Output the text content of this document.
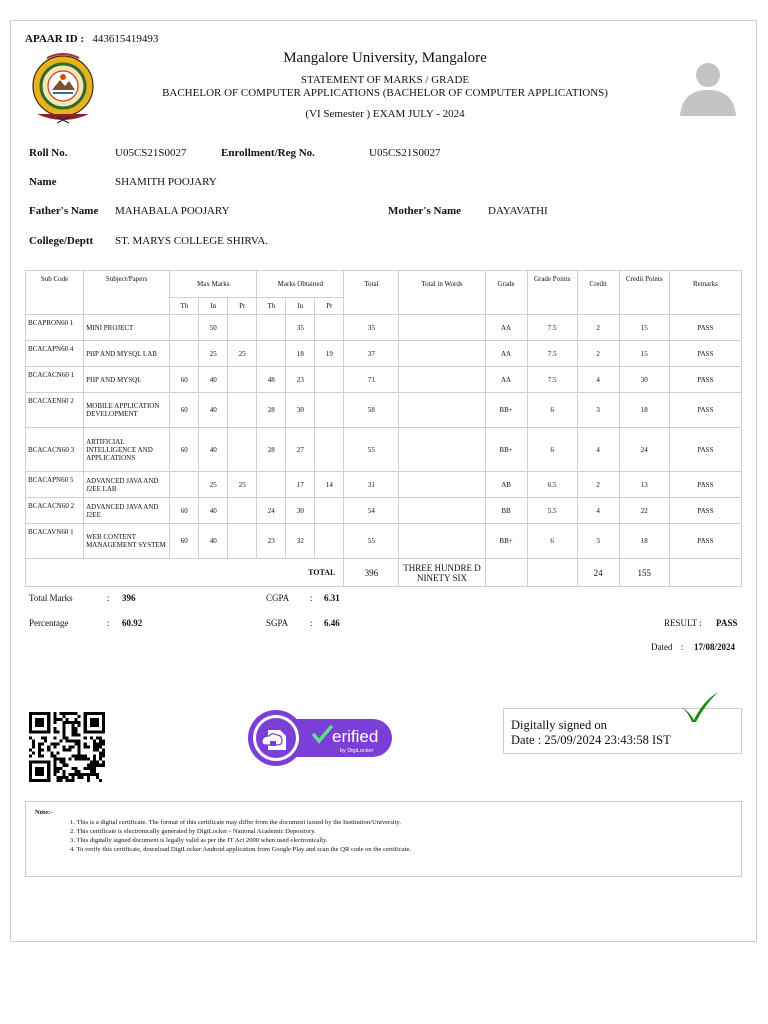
APAAR ID : 443615419493
Mangalore University, Mangalore
STATEMENT OF MARKS / GRADE
BACHELOR OF COMPUTER APPLICATIONS (BACHELOR OF COMPUTER APPLICATIONS)
(VI Semester ) EXAM JULY - 2024
Roll No.	U05CS21S0027	Enrollment/Reg No.	U05CS21S0027
Name	SHAMITH POOJARY
Father's Name MAHABALA POOJARY	Mother's Name DAYAVATHI
College/Deptt ST. MARYS COLLEGE SHIRVA.
Sub Code	Subject/Papers	Max Marks			Marks Obtained			Total	Total in Words	Grade	Grade Points	Credit	Credit Points	Remarks
		Th	In	Pr	Th	In	Pr							
BCAPRON60 1	MINI PROJECT		50			35		35		AA	7.5	2	15	PASS
BCACAPN60 4	PHP AND MYSQL LAB		25	25		18	19	37		AA	7.5	2	15	PASS
BCACACN60 1	PHP AND MYSQL	60	40		48	23		71		AA	7.5	4	30	PASS
BCACAEN60 2	MOBILE APPLICATION DEVELOPMENT	60	40		28	30		58		BB+	6	3	18	PASS
BCACACN60 3	ARTIFICIAL INTELLIGENCE AND APPLICATIONS	60	40		28	27		55		BB+	6	4	24	PASS
BCACAPN60 5	ADVANCED JAVA AND J2EE LAB		25	25		17	14	31		AB	6.5	2	13	PASS
BCACACN60 2	ADVANCED JAVA AND J2EE	60	40		24	30		54		BB	5.5	4	22	PASS
BCACAVN60 1	WEB CONTENT MANAGEMENT SYSTEM	60	40		23	32		55		BB+	6	3	18	PASS
TOTAL								396	THREE HUNDRE D NINETY SIX			24	155	
Total Marks	: 396
Percentage	: 60.92
CGPA : 6.31
SGPA : 6.46	RESULT : PASS
Dated : 17/08/2024
erified
by DigiLocker
Digitally signed on
Date : 25/09/2024 23:43:58 IST
Note:-
1. This is a digital certificate. The format of this certificate may differ from the document issued by the Institution/University.
2. This certificate is electronically generated by DigiLocker - National Academic Depository.
3. This digitally signed document is legally valid as per the IT Act 2000 when used electronically.
4. To verify this certificate, download DigiLocker Android application from Google Play and scan the QR code on the certificate.
